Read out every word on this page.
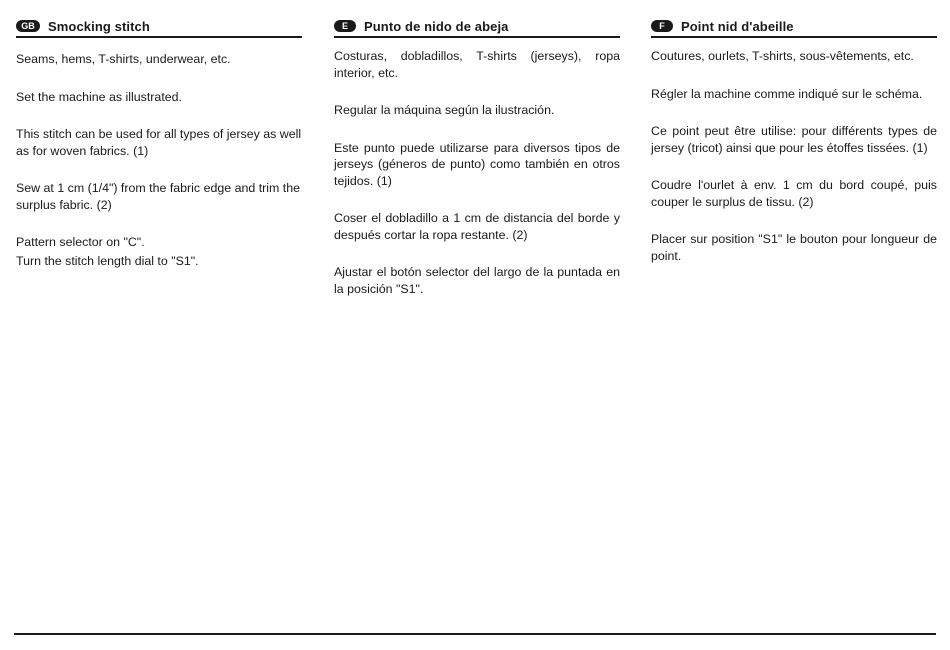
GB	Smocking stitch

Seams, hems, T-shirts, underwear, etc.

Set the machine as illustrated.

This stitch can be used for all types of jersey as well as for woven fabrics. (1)

Sew at 1 cm (1/4") from the fabric edge and trim the surplus fabric. (2)

Pattern selector on "C".

Turn the stitch length dial to "S1".

E	Punto de nido de abeja

Costuras, dobladillos, T-shirts (jerseys), ropa interior, etc.

Regular la máquina según la ilustración.

Este punto puede utilizarse para diversos tipos de jerseys (géneros de punto) como también en otros tejidos. (1)

Coser el dobladillo a 1 cm de distancia del borde y después cortar la ropa restante. (2)

Ajustar el botón selector del largo de la puntada en la posición "S1".

F	Point nid d'abeille

Coutures, ourlets, T-shirts, sous-vêtements, etc.

Régler la machine comme indiqué sur le schéma.

Ce point peut être utilise: pour différents types de jersey (tricot) ainsi que pour les étoffes tissées. (1)

Coudre l'ourlet à env. 1 cm du bord coupé, puis couper le surplus de tissu. (2)

Placer sur position "S1" le bouton pour longueur de point.
